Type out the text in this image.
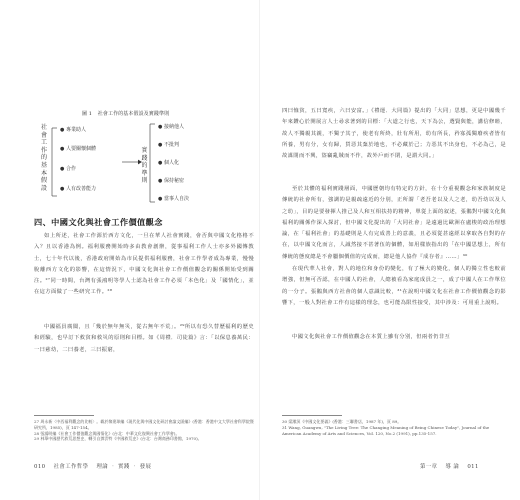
圖 1 社會工作的基本假設及實踐準則
社會工作的基本假設
● 專業助人
● 人要關懷個體
● 合作
● 人有改善能力
實踐的準則
● 接納他人
● 不批判
● 個人化
● 保持秘密
● 當事人自決
四、中國文化與社會工作價值觀念
如上所述，社會工作源於西方文化，一旦在華人社會實踐，會否與中國文化格格不入？且以香港為例。福利服務開始時多由教會創辦，從事福利工作人士亦多外國傳教士，七十年代以後，香港政府開始為市民提供福利服務，社會工作學者成為專業，慢慢脫離西方文化的影響，在這情況下，中國文化與社會工作價值觀念的關係開始受到關注。²⁷同一時間，台灣有張鴻明等學人士認為社會工作必須「本色化」及「國情化」，並在這方面做了一些研究工作。²⁸
中國福員廣闊，且「幾於無年無災，從古無年不荒」。²⁹所以有恐久替歷福利的歷史和經驗，也早訂下救貧和救災的原則和目標。如《周禮．司徒篇》言：「以保息養萬民：一曰慈幼，二曰養老，三曰振窮，
27 周永新〈中西福利觀念的比較〉。載於黎建球編《現代化與中國文化研討會論文匯編》(香港：香港中文大學社會科學院暨研究所，1985)，頁 147-154。
28 張鴻明編《社會工作價值觀念與國情化》(台北：中華文化復興社會工作學會)。
29 林華中國歷代救荒思想史，轉引自鄧雲特《中國救荒史》(台北：台灣商務印書館，1970)。
010 社會工作哲學 理論 ‧ 實踐 ‧ 發展
四曰恤貧，五曰寬疾，六曰安富。」《禮運．大同篇》提出的「大同」思想，更是中國幾千年來鑽心於開展言人士尋求著到的目標：「大道之行也，天下為公，選賢與能，講信修睦，故人不獨親其親，不獨子其子，使老有所終，壯有所用，幼有所長，矜寡孤獨廢疾者皆有所養，男有分，女有歸，貨惡其棄於地也，不必藏於己；力惡其不出身也，不必為己，是故謀閉而不興，盜竊亂賊而不作，故外戶而不閉，是謂大同。」
至於其體的福利實踐層面，中國歷朝均有特定的方針，在十分重視觀念和家族制度是傳統的社會所有，強調的是親疏遠近的分別，正所謂「老吾老以及人之老，幼吾幼以及人之幼」，目的是要發揮人推己及人和互相扶持的精神，單從上面的叙述，張鵝對中國文化與福利的關係作深入探討，但中國文化提出的「大同社會」是遠過比歐洲在盧梭的政治理想論，在「福利社會」的基礎則是人有完成善上的意義，且必須從甚遠經以拿取各自對的存在，以中國文化而言，人誠然接不甚著伍的個體，如用樣族指出的「在中國思想上，所有傳統的態度總是不會屬個價值的完成而，總是他人協作『成存者』……」³⁰
在現代華人社會，對人的地位和身份的變化，有了極大的變化，個人的獨立性也較前增強，但無可否認，在中國人的社會，人總被看為家庭成員之一，成了中國人在工作單位的一分子。張鵝與西方社會的個人意識比較，³¹在說明中國文化在社會工作價值觀念的影響下，一般人對社會工作有這樣的理念，也可能為限性接受，其中涉及：可用重上說明。
中國文化與社會工作價值觀念在本質上雖有分別，但兩者仍非互
30 梁漱溟《中國文化要義》(香港：三聯書店，1987 年)，頁 89。
31 Wang, Guangwu, "The Living Tree: The Changing Meaning of Being Chinese Today", Journal of the American Academy of Arts and Sciences, Vol. 120, No.2 (1991), pp.135-157.
第一章 導 論 011
